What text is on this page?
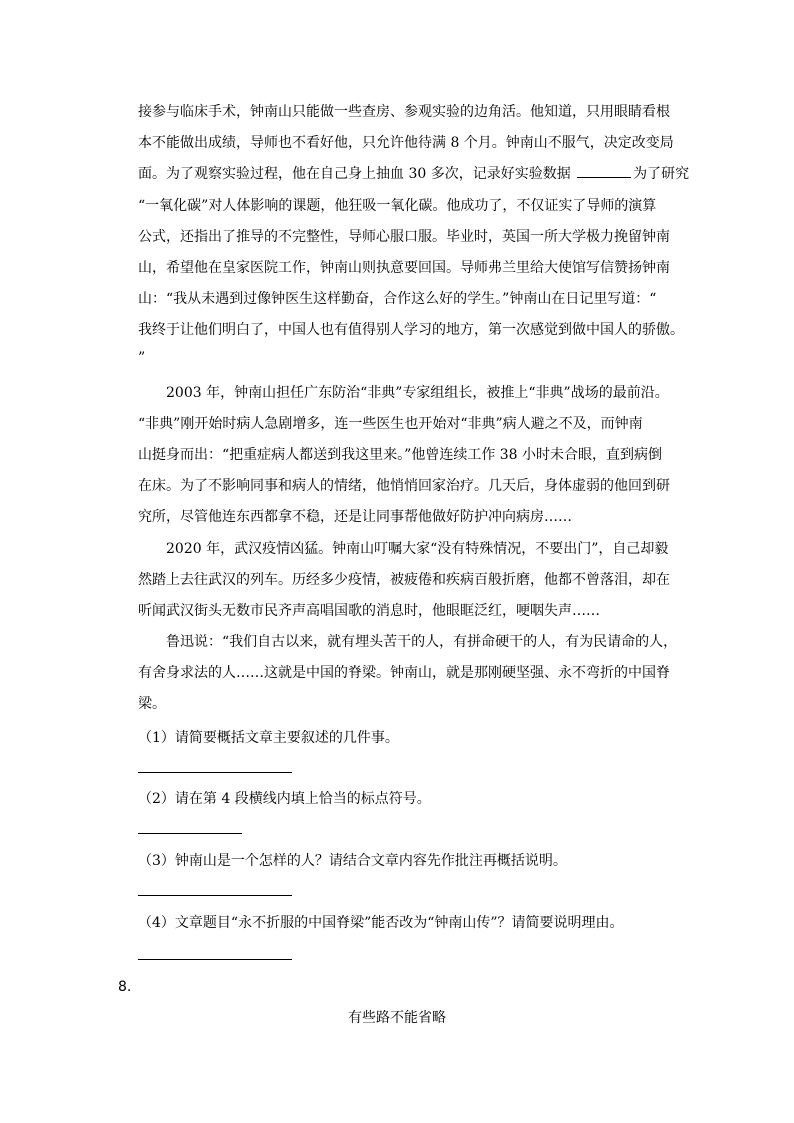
接参与临床手术，钟南山只能做一些查房、参观实验的边角活。他知道，只用眼睛看根
本不能做出成绩，导师也不看好他，只允许他待满 8 个月。钟南山不服气，决定改变局
面。为了观察实验过程，他在自己身上抽血 30 多次，记录好实验数据	为了研究
“一氧化碳”对人体影响的课题，他狂吸一氧化碳。他成功了，不仅证实了导师的演算
公式，还指出了推导的不完整性，导师心服口服。毕业时，英国一所大学极力挽留钟南
山，希望他在皇家医院工作，钟南山则执意要回国。导师弗兰里给大使馆写信赞扬钟南
山：“我从未遇到过像钟医生这样勤奋，合作这么好的学生。”钟南山在日记里写道：“
我终于让他们明白了，中国人也有值得别人学习的地方，第一次感觉到做中国人的骄傲。
”
2003 年，钟南山担任广东防治“非典”专家组组长，被推上“非典”战场的最前沿。
“非典”刚开始时病人急剧增多，连一些医生也开始对“非典”病人避之不及，而钟南
山挺身而出：“把重症病人都送到我这里来。”他曾连续工作 38 小时未合眼，直到病倒
在床。为了不影响同事和病人的情绪，他悄悄回家治疗。几天后，身体虚弱的他回到研
究所，尽管他连东西都拿不稳，还是让同事帮他做好防护冲向病房……
2020 年，武汉疫情凶猛。钟南山叮嘱大家“没有特殊情况，不要出门”，自己却毅
然踏上去往武汉的列车。历经多少疫情，被疲倦和疾病百般折磨，他都不曾落泪，却在
听闻武汉街头无数市民齐声高唱国歌的消息时，他眼眶泛红，哽咽失声……
鲁迅说：“我们自古以来，就有埋头苦干的人，有拼命硬干的人，有为民请命的人，
有舍身求法的人……这就是中国的脊梁。钟南山，就是那刚硬坚强、永不弯折的中国脊
梁。
（1）请简要概括文章主要叙述的几件事。
（2）请在第 4 段横线内填上恰当的标点符号。
（3）钟南山是一个怎样的人？请结合文章内容先作批注再概括说明。
（4）文章题目“永不折服的中国脊梁”能否改为“钟南山传”？请简要说明理由。
8.
有些路不能省略
